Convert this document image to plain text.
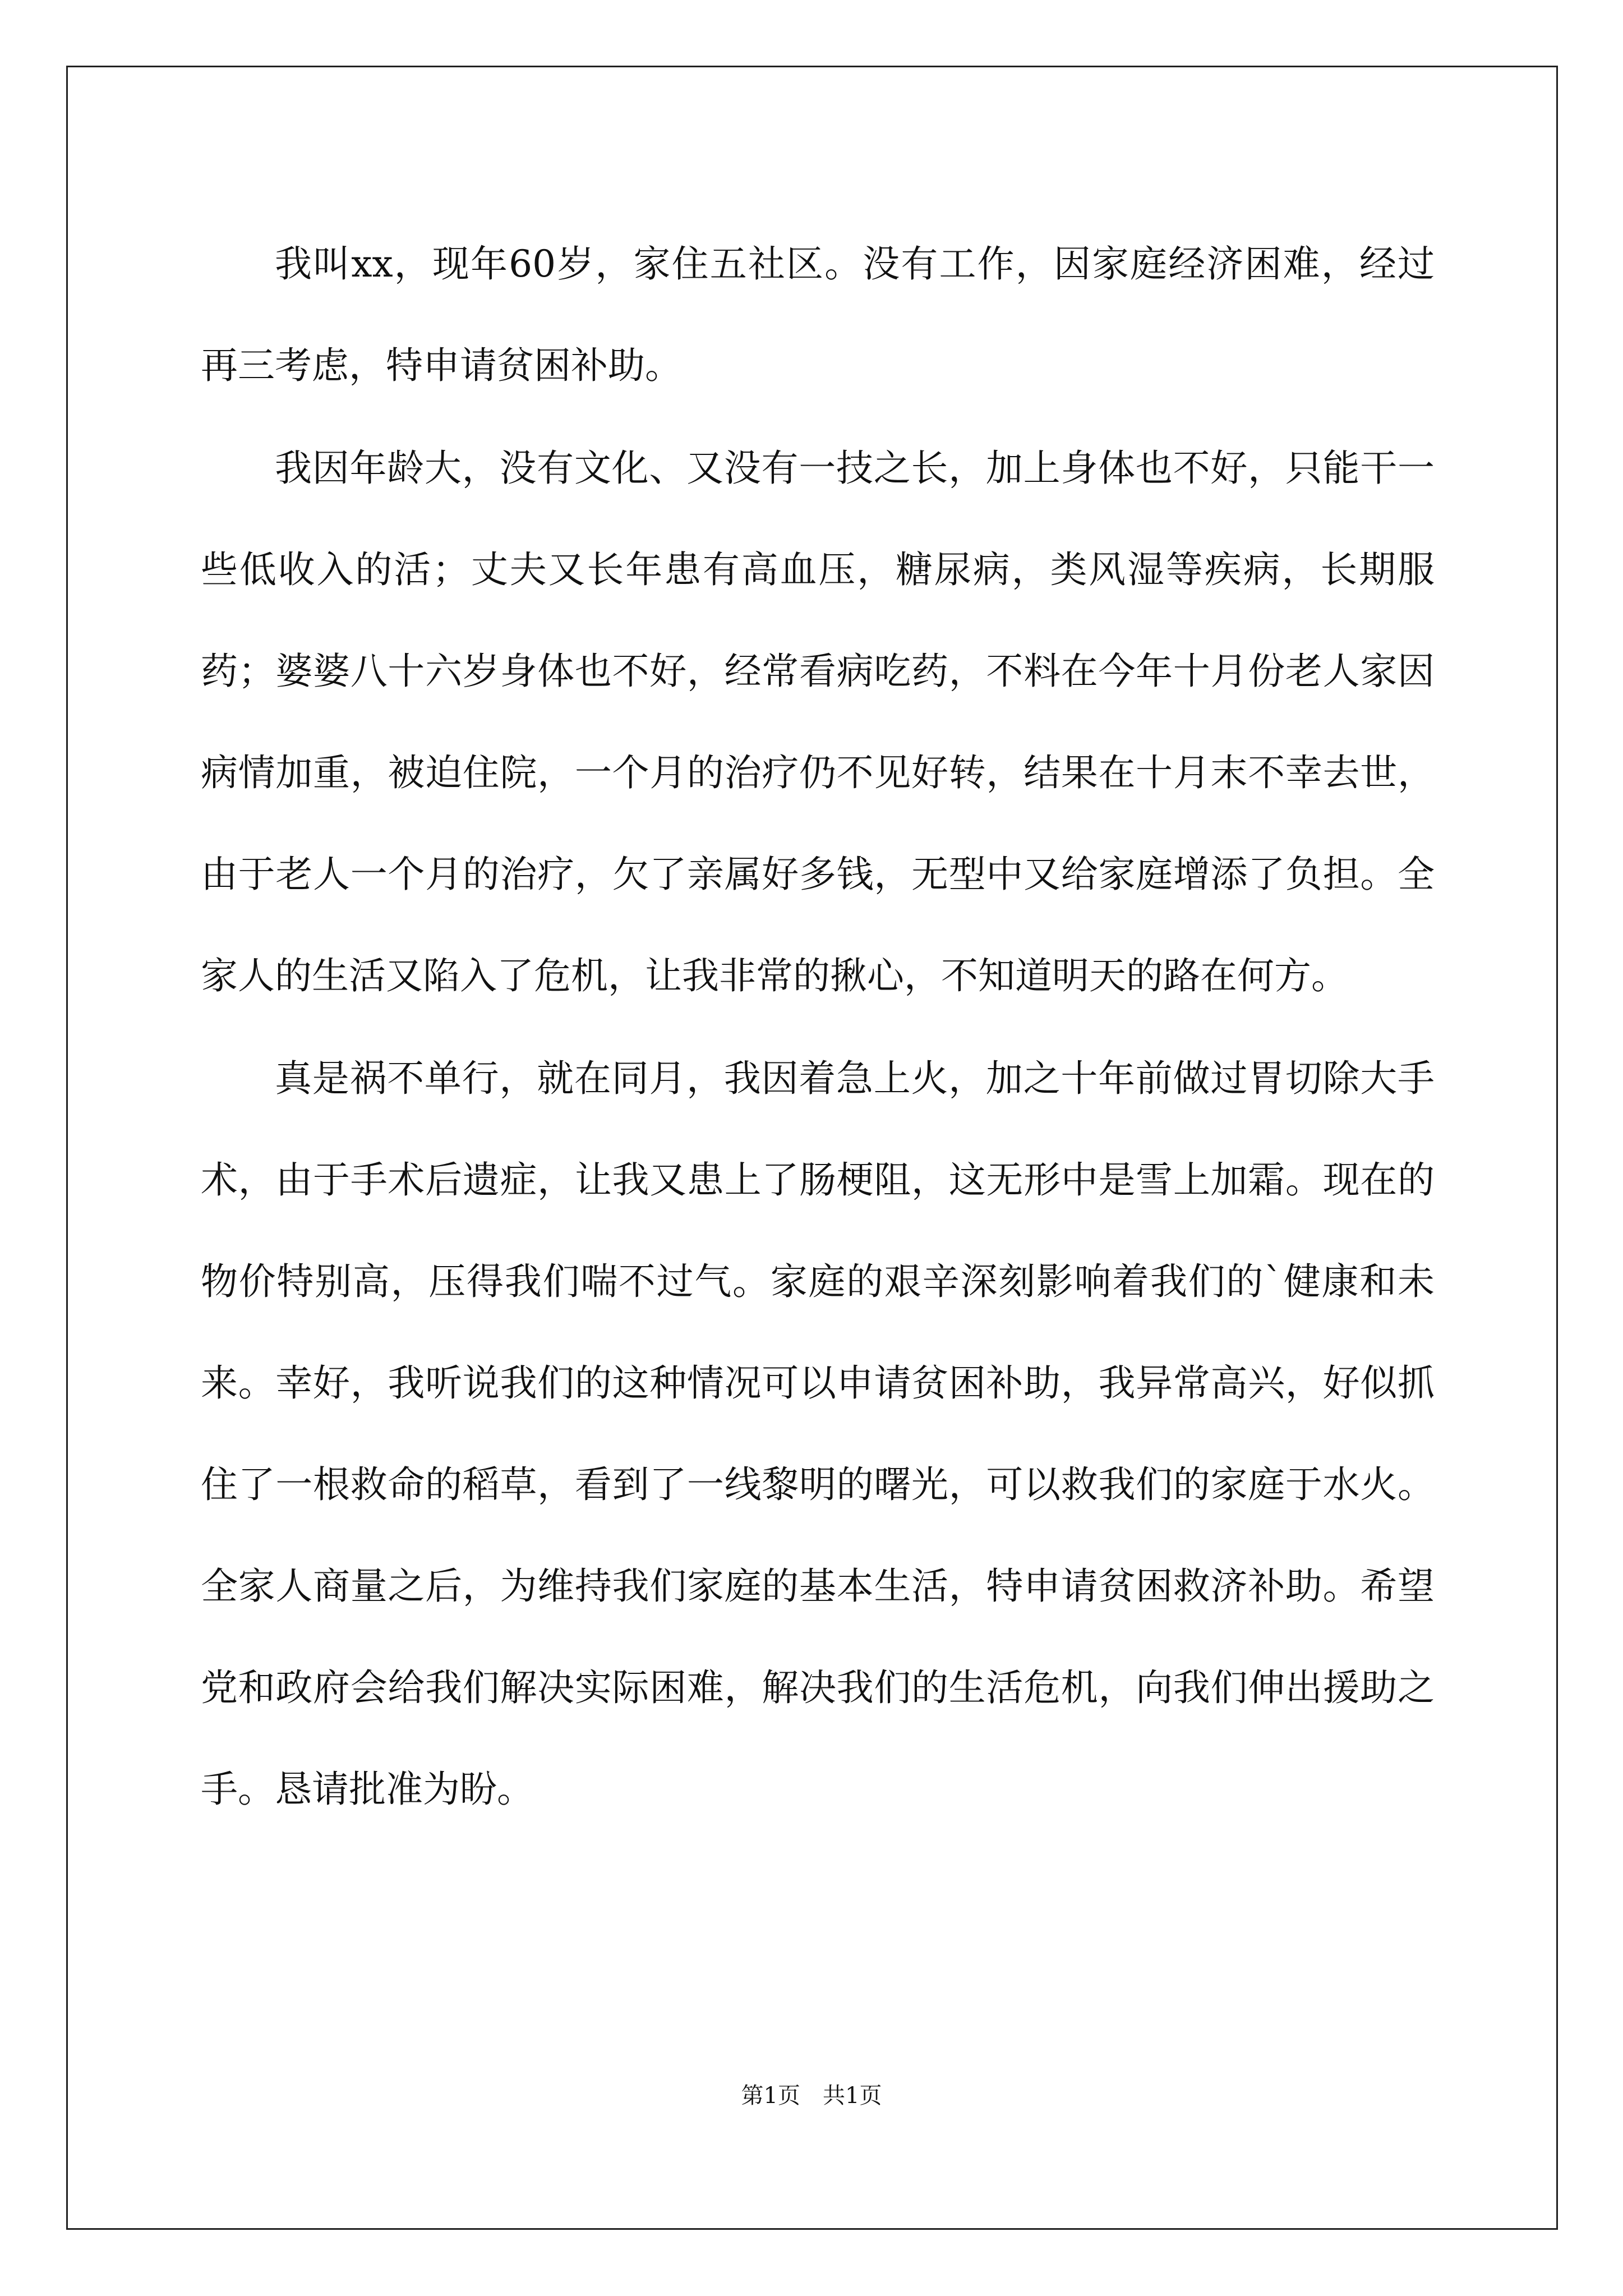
我叫xx，现年60岁，家住五社区。没有工作，因家庭经济困难，经过再三考虑，特申请贫困补助。

我因年龄大，没有文化、又没有一技之长，加上身体也不好，只能干一些低收入的活；丈夫又长年患有高血压，糖尿病，类风湿等疾病，长期服药；婆婆八十六岁身体也不好，经常看病吃药，不料在今年十月份老人家因病情加重，被迫住院，一个月的治疗仍不见好转，结果在十月末不幸去世，由于老人一个月的治疗，欠了亲属好多钱，无型中又给家庭增添了负担。全家人的生活又陷入了危机，让我非常的揪心，不知道明天的路在何方。

真是祸不单行，就在同月，我因着急上火，加之十年前做过胃切除大手术，由于手术后遗症，让我又患上了肠梗阻，这无形中是雪上加霜。现在的物价特别高，压得我们喘不过气。家庭的艰辛深刻影响着我们的`健康和未来。幸好，我听说我们的这种情况可以申请贫困补助，我异常高兴，好似抓住了一根救命的稻草，看到了一线黎明的曙光，可以救我们的家庭于水火。全家人商量之后，为维持我们家庭的基本生活，特申请贫困救济补助。希望党和政府会给我们解决实际困难，解决我们的生活危机，向我们伸出援助之手。恳请批准为盼。

第1页 共1页
